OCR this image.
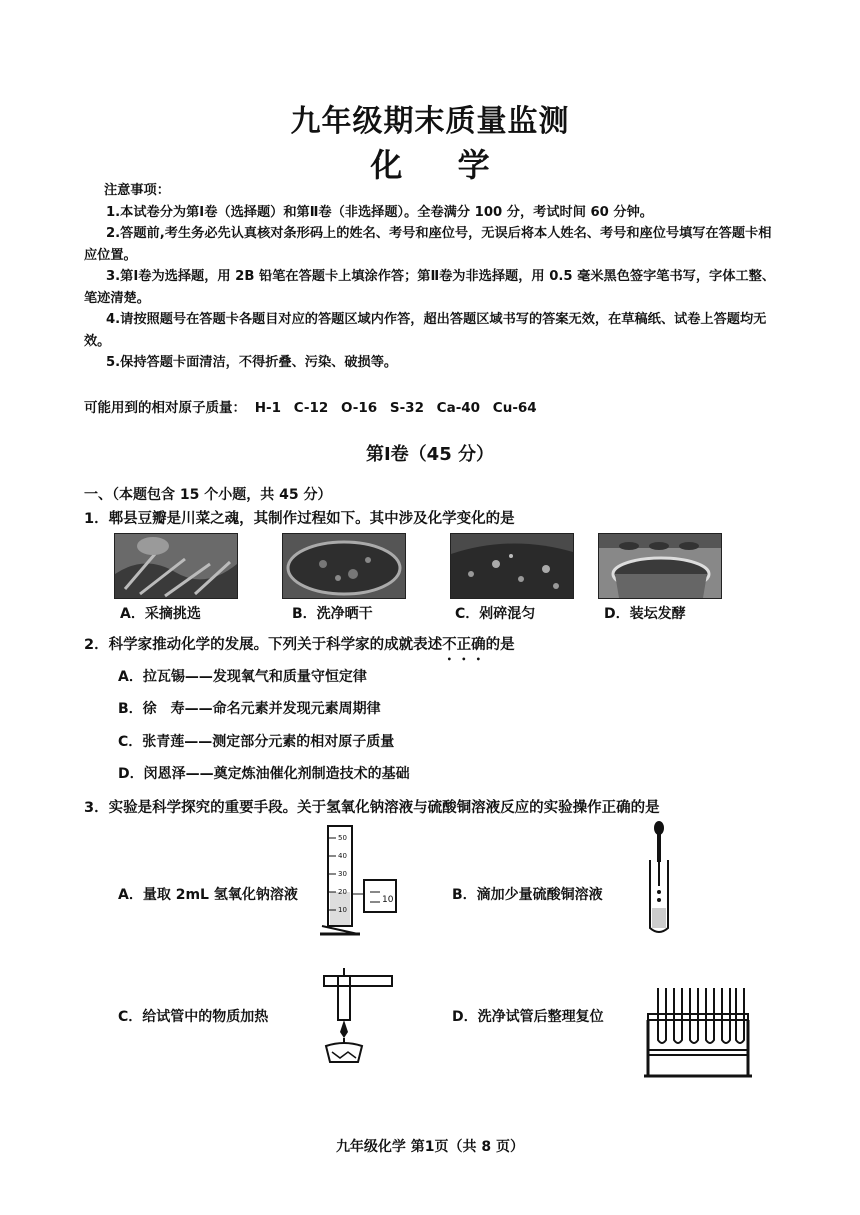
九年级期末质量监测
化 学

注意事项：

1.本试卷分为第Ⅰ卷（选择题）和第Ⅱ卷（非选择题）。全卷满分 100 分，考试时间 60 分钟。

2.答题前,考生务必先认真核对条形码上的姓名、考号和座位号，无误后将本人姓名、考号和座位号填写在答题卡相应位置。

3.第Ⅰ卷为选择题，用 2B 铅笔在答题卡上填涂作答；第Ⅱ卷为非选择题，用 0.5 毫米黑色签字笔书写，字体工整、笔迹清楚。

4.请按照题号在答题卡各题目对应的答题区域内作答，超出答题区域书写的答案无效，在草稿纸、试卷上答题均无效。

5.保持答题卡面清洁，不得折叠、污染、破损等。

可能用到的相对原子质量： H-1 C-12 O-16 S-32 Ca-40 Cu-64
第Ⅰ卷（45 分）
一、（本题包含 15 个小题，共 45 分）
1．郫县豆瓣是川菜之魂，其制作过程如下。其中涉及化学变化的是
A．采摘挑选	B．洗净晒干	C．剁碎混匀	D．装坛发酵
2．科学家推动化学的发展。下列关于科学家的成就表述不正确的是
A．拉瓦锡——发现氧气和质量守恒定律
B．徐　寿——命名元素并发现元素周期律
C．张青莲——测定部分元素的相对原子质量
D．闵恩泽——奠定炼油催化剂制造技术的基础
3．实验是科学探究的重要手段。关于氢氧化钠溶液与硫酸铜溶液反应的实验操作正确的是
A．量取 2mL 氢氧化钠溶液	B．滴加少量硫酸铜溶液
C．给试管中的物质加热	D．洗净试管后整理复位
50
40
30
20
10
10
九年级化学 第1页（共 8 页）
